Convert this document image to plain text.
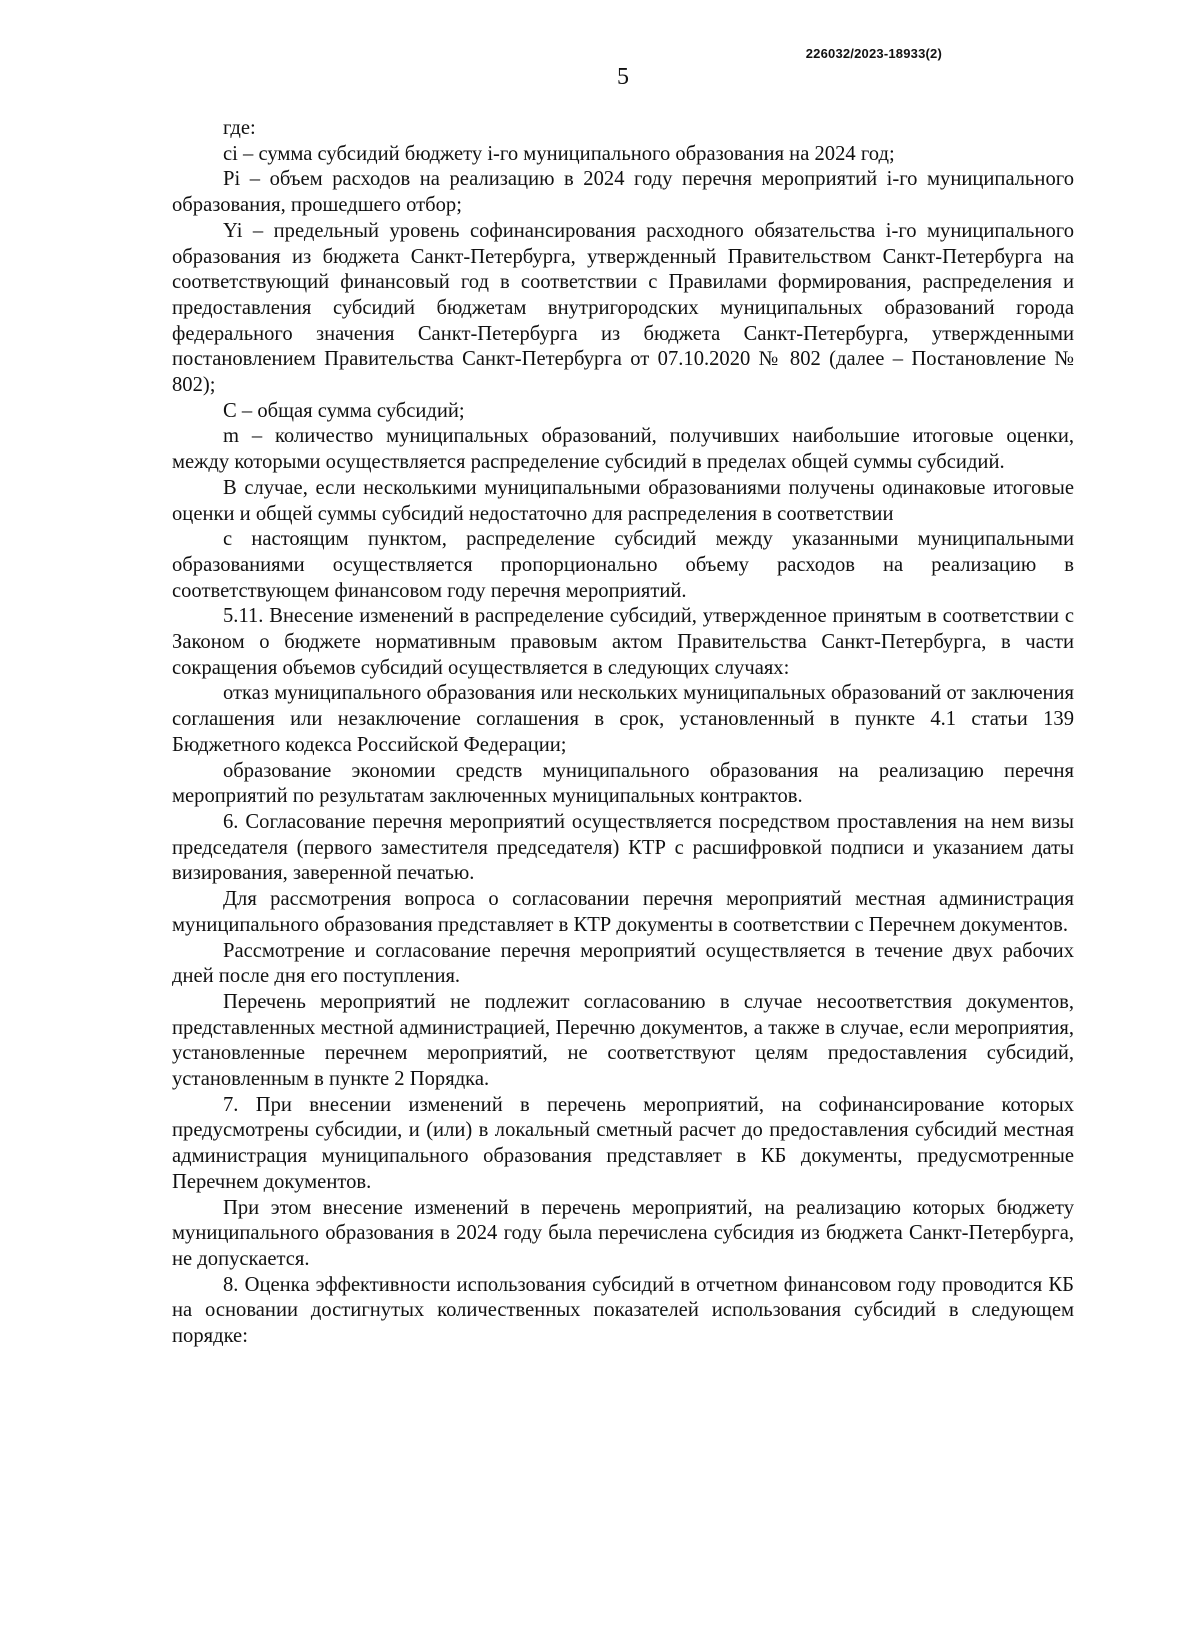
226032/2023-18933(2)
5

где:

ci – сумма субсидий бюджету i-го муниципального образования на 2024 год;

Pi – объем расходов на реализацию в 2024 году перечня мероприятий i-го муниципального образования, прошедшего отбор;

Yi – предельный уровень софинансирования расходного обязательства i-го муниципального образования из бюджета Санкт-Петербурга, утвержденный Правительством Санкт-Петербурга на соответствующий финансовый год в соответствии с Правилами формирования, распределения и предоставления субсидий бюджетам внутригородских муниципальных образований города федерального значения Санкт-Петербурга из бюджета Санкт-Петербурга, утвержденными постановлением Правительства Санкт-Петербурга от 07.10.2020 № 802 (далее – Постановление № 802);

C – общая сумма субсидий;

m – количество муниципальных образований, получивших наибольшие итоговые оценки, между которыми осуществляется распределение субсидий в пределах общей суммы субсидий.

В случае, если несколькими муниципальными образованиями получены одинаковые итоговые оценки и общей суммы субсидий недостаточно для распределения в соответствии

с настоящим пунктом, распределение субсидий между указанными муниципальными образованиями осуществляется пропорционально объему расходов на реализацию в соответствующем финансовом году перечня мероприятий.

5.11. Внесение изменений в распределение субсидий, утвержденное принятым в соответствии с Законом о бюджете нормативным правовым актом Правительства Санкт-Петербурга, в части сокращения объемов субсидий осуществляется в следующих случаях:

отказ муниципального образования или нескольких муниципальных образований от заключения соглашения или незаключение соглашения в срок, установленный в пункте 4.1 статьи 139 Бюджетного кодекса Российской Федерации;

образование экономии средств муниципального образования на реализацию перечня мероприятий по результатам заключенных муниципальных контрактов.

6. Согласование перечня мероприятий осуществляется посредством проставления на нем визы председателя (первого заместителя председателя) КТР с расшифровкой подписи и указанием даты визирования, заверенной печатью.

Для рассмотрения вопроса о согласовании перечня мероприятий местная администрация муниципального образования представляет в КТР документы в соответствии с Перечнем документов.

Рассмотрение и согласование перечня мероприятий осуществляется в течение двух рабочих дней после дня его поступления.

Перечень мероприятий не подлежит согласованию в случае несоответствия документов, представленных местной администрацией, Перечню документов, а также в случае, если мероприятия, установленные перечнем мероприятий, не соответствуют целям предоставления субсидий, установленным в пункте 2 Порядка.

7. При внесении изменений в перечень мероприятий, на софинансирование которых предусмотрены субсидии, и (или) в локальный сметный расчет до предоставления субсидий местная администрация муниципального образования представляет в КБ документы, предусмотренные Перечнем документов.

При этом внесение изменений в перечень мероприятий, на реализацию которых бюджету муниципального образования в 2024 году была перечислена субсидия из бюджета Санкт-Петербурга, не допускается.

8. Оценка эффективности использования субсидий в отчетном финансовом году проводится КБ на основании достигнутых количественных показателей использования субсидий в следующем порядке:
